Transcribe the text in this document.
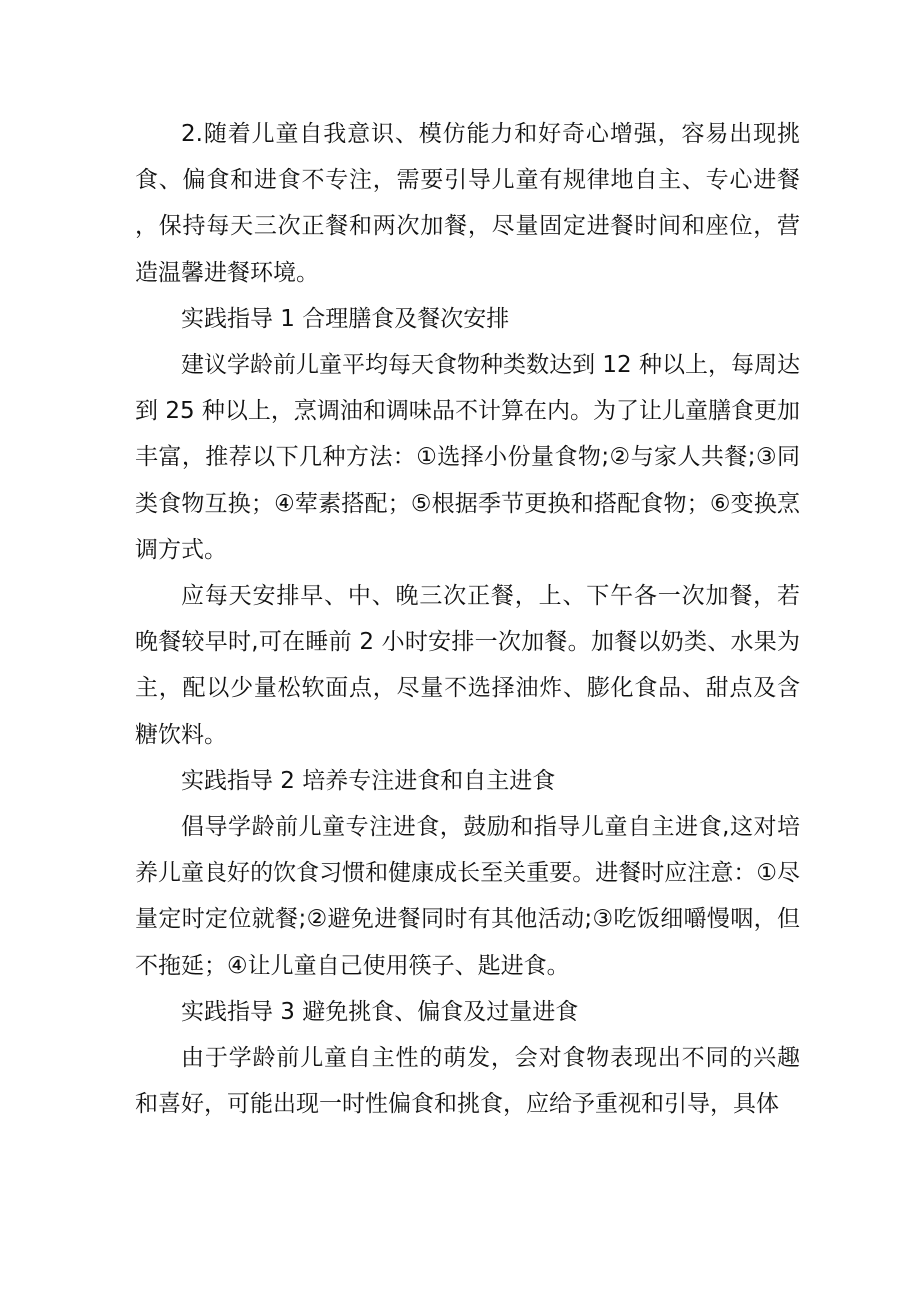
2.随着儿童自我意识、模仿能力和好奇心增强，容易出现挑食、偏食和进食不专注，需要引导儿童有规律地自主、专心进餐，保持每天三次正餐和两次加餐，尽量固定进餐时间和座位，营造温馨进餐环境。

实践指导 1 合理膳食及餐次安排

建议学龄前儿童平均每天食物种类数达到 12 种以上，每周达到 25 种以上，烹调油和调味品不计算在内。为了让儿童膳食更加丰富，推荐以下几种方法：①选择小份量食物;②与家人共餐;③同类食物互换；④荤素搭配；⑤根据季节更换和搭配食物；⑥变换烹调方式。

应每天安排早、中、晚三次正餐，上、下午各一次加餐，若晚餐较早时,可在睡前 2 小时安排一次加餐。加餐以奶类、水果为主，配以少量松软面点，尽量不选择油炸、膨化食品、甜点及含糖饮料。

实践指导 2 培养专注进食和自主进食

倡导学龄前儿童专注进食，鼓励和指导儿童自主进食,这对培养儿童良好的饮食习惯和健康成长至关重要。进餐时应注意：①尽量定时定位就餐;②避免进餐同时有其他活动;③吃饭细嚼慢咽，但不拖延；④让儿童自己使用筷子、匙进食。

实践指导 3 避免挑食、偏食及过量进食

由于学龄前儿童自主性的萌发，会对食物表现出不同的兴趣和喜好，可能出现一时性偏食和挑食，应给予重视和引导，具体
